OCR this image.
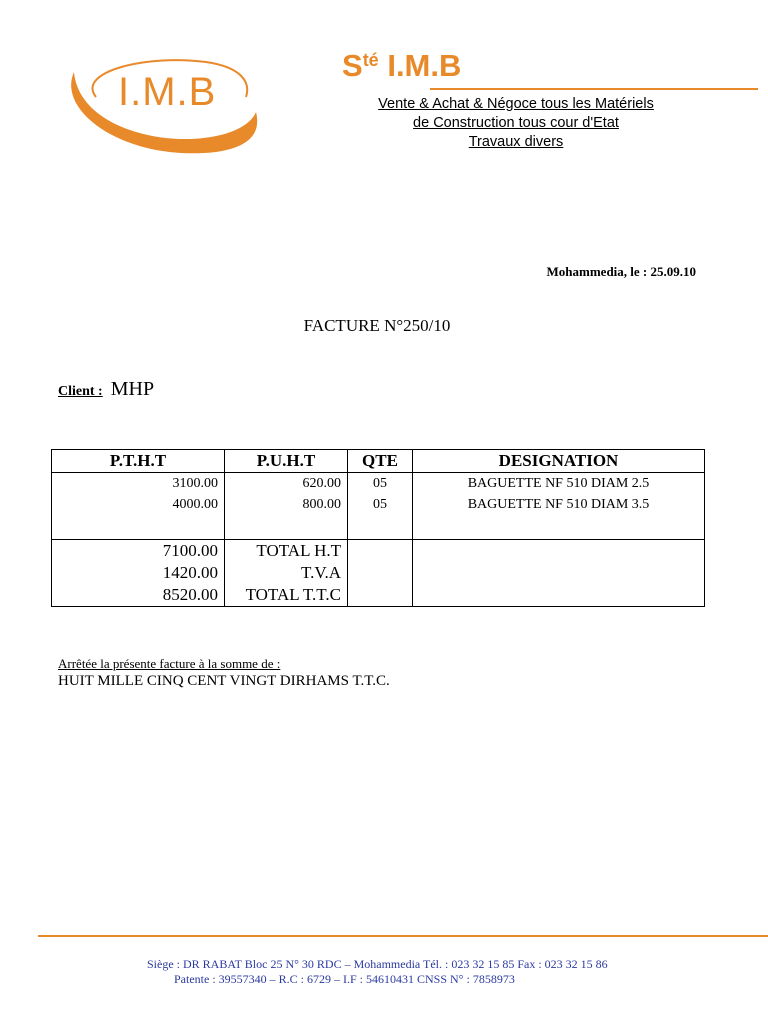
I.M.B
$S^{té}$ I.M.B
Vente & Achat & Négoce tous les Matériels
de Construction tous cour d'Etat
Travaux divers
Mohammedia, le : 25.09.10
FACTURE N°250/10
Client : MHP
P.T.H.T	P.U.H.T	QTE	DESIGNATION
3100.00	620.00	05	BAGUETTE NF 510 DIAM 2.5
4000.00	800.00	05	BAGUETTE NF 510 DIAM 3.5

7100.00	TOTAL H.T		
1420.00	T.V.A		
8520.00	TOTAL T.T.C		
Arrêtée la présente facture à la somme de :
HUIT MILLE CINQ CENT VINGT DIRHAMS T.T.C.
Siège : DR RABAT Bloc 25 N° 30 RDC – Mohammedia Tél. : 023 32 15 85 Fax : 023 32 15 86
Patente : 39557340 – R.C : 6729 – I.F : 54610431 CNSS N° : 7858973
